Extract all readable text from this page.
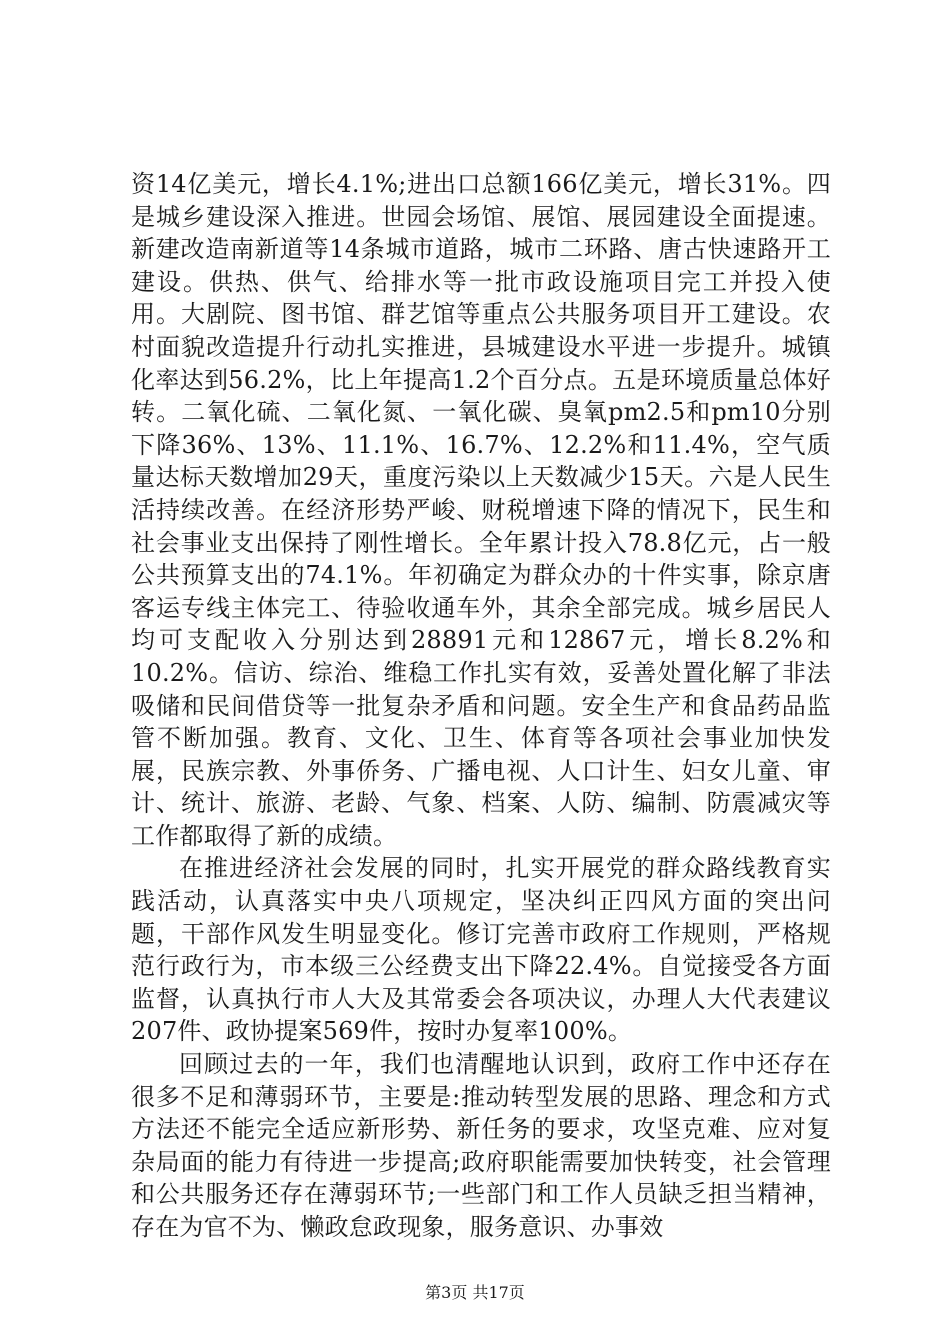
资14亿美元，增长4.1%;进出口总额166亿美元，增长31%。四是城乡建设深入推进。世园会场馆、展馆、展园建设全面提速。新建改造南新道等14条城市道路，城市二环路、唐古快速路开工建设。供热、供气、给排水等一批市政设施项目完工并投入使用。大剧院、图书馆、群艺馆等重点公共服务项目开工建设。农村面貌改造提升行动扎实推进，县城建设水平进一步提升。城镇化率达到56.2%，比上年提高1.2个百分点。五是环境质量总体好转。二氧化硫、二氧化氮、一氧化碳、臭氧pm2.5和pm10分别下降36%、13%、11.1%、16.7%、12.2%和11.4%，空气质量达标天数增加29天，重度污染以上天数减少15天。六是人民生活持续改善。在经济形势严峻、财税增速下降的情况下，民生和社会事业支出保持了刚性增长。全年累计投入78.8亿元，占一般公共预算支出的74.1%。年初确定为群众办的十件实事，除京唐客运专线主体完工、待验收通车外，其余全部完成。城乡居民人均可支配收入分别达到28891元和12867元，增长8.2%和10.2%。信访、综治、维稳工作扎实有效，妥善处置化解了非法吸储和民间借贷等一批复杂矛盾和问题。安全生产和食品药品监管不断加强。教育、文化、卫生、体育等各项社会事业加快发展，民族宗教、外事侨务、广播电视、人口计生、妇女儿童、审计、统计、旅游、老龄、气象、档案、人防、编制、防震减灾等工作都取得了新的成绩。

在推进经济社会发展的同时，扎实开展党的群众路线教育实践活动，认真落实中央八项规定，坚决纠正四风方面的突出问题，干部作风发生明显变化。修订完善市政府工作规则，严格规范行政行为，市本级三公经费支出下降22.4%。自觉接受各方面监督，认真执行市人大及其常委会各项决议，办理人大代表建议207件、政协提案569件，按时办复率100%。

回顾过去的一年，我们也清醒地认识到，政府工作中还存在很多不足和薄弱环节，主要是:推动转型发展的思路、理念和方式方法还不能完全适应新形势、新任务的要求，攻坚克难、应对复杂局面的能力有待进一步提高;政府职能需要加快转变，社会管理和公共服务还存在薄弱环节;一些部门和工作人员缺乏担当精神，存在为官不为、懒政怠政现象，服务意识、办事效

第3页 共17页
